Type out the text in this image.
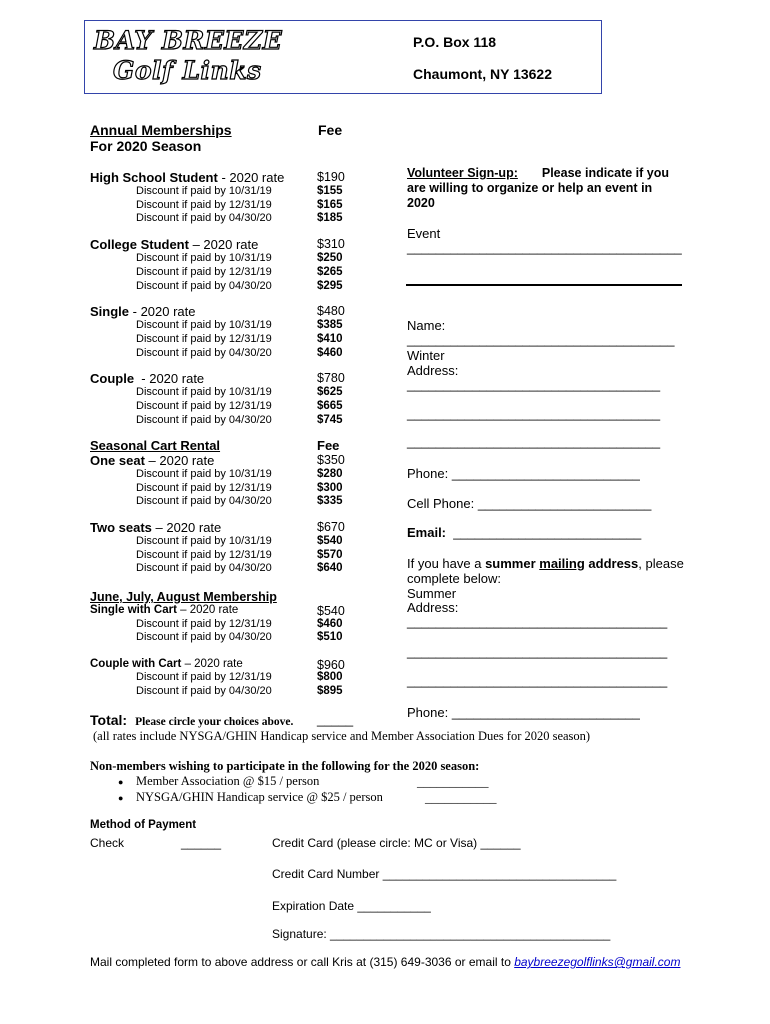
BAY BREEZE
Golf Links
P.O. Box 118
Chaumont, NY 13622
Annual Memberships
For 2020 Season
Fee
High School Student - 2020 rate	$190
Discount if paid by 10/31/19	$155
Discount if paid by 12/31/19	$165
Discount if paid by 04/30/20	$185
College Student – 2020 rate	$310
Discount if paid by 10/31/19	$250
Discount if paid by 12/31/19	$265
Discount if paid by 04/30/20	$295
Single - 2020 rate	$480
Discount if paid by 10/31/19	$385
Discount if paid by 12/31/19	$410
Discount if paid by 04/30/20	$460
Couple  - 2020 rate	$780
Discount if paid by 10/31/19	$625
Discount if paid by 12/31/19	$665
Discount if paid by 04/30/20	$745
Seasonal Cart Rental	Fee
One seat – 2020 rate	$350
Discount if paid by 10/31/19	$280
Discount if paid by 12/31/19	$300
Discount if paid by 04/30/20	$335
Two seats – 2020 rate	$670
Discount if paid by 10/31/19	$540
Discount if paid by 12/31/19	$570
Discount if paid by 04/30/20	$640
June, July, August Membership
Single with Cart – 2020 rate	$540
Discount if paid by 12/31/19	$460
Discount if paid by 04/30/20	$510
Couple with Cart – 2020 rate	$960
Discount if paid by 12/31/19	$800
Discount if paid by 04/30/20	$895
Total: Please circle your choices above. _____
(all rates include NYSGA/GHIN Handicap service and Member Association Dues for 2020 season)
Non-members wishing to participate in the following for the 2020 season:
● Member Association @ $15 / person	___________
● NYSGA/GHIN Handicap service @ $25 / person	___________
Method of Payment
Check	______	Credit Card (please circle: MC or Visa) ______
Credit Card Number ___________________________________
Expiration Date ___________
Signature: __________________________________________
Mail completed form to above address or call Kris at (315) 649-3036 or email to baybreezegolflinks@gmail.com
Volunteer Sign-up: Please indicate if you
are willing to organize or help an event in
2020
Event
______________________________________
Name:
_____________________________________
Winter
Address:
___________________________________
___________________________________
___________________________________
Phone: __________________________
Cell Phone: ________________________
Email:  __________________________
If you have a summer mailing address, please
complete below:
Summer
Address:
____________________________________
____________________________________
____________________________________
Phone: __________________________
